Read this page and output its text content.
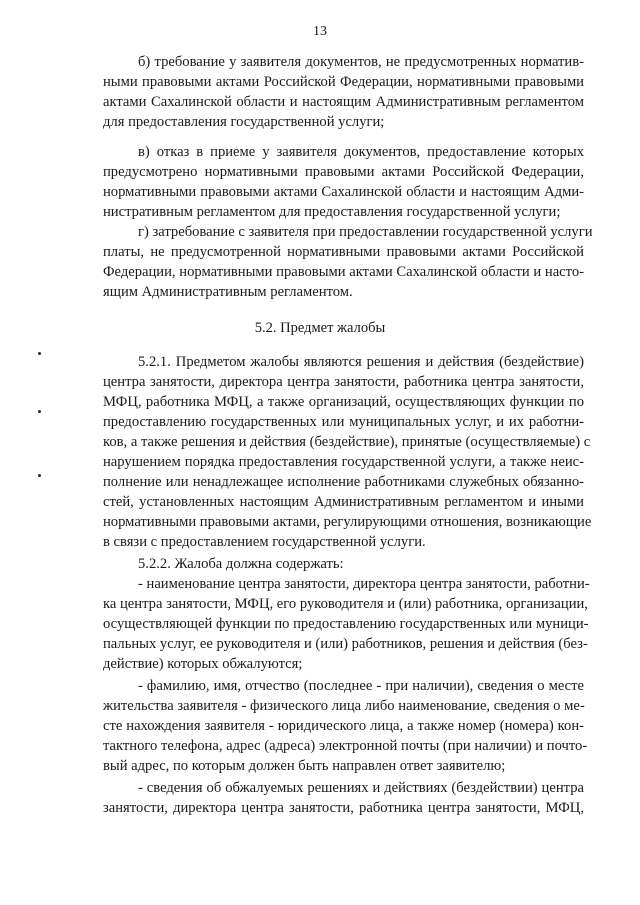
13
5.2. Предмет жалобы
б) требование у заявителя документов, не предусмотренных норматив-
ными правовыми актами Российской Федерации, нормативными правовыми
актами Сахалинской области и настоящим Административным регламентом
для предоставления государственной услуги;
в) отказ в приеме у заявителя документов, предоставление которых
предусмотрено нормативными правовыми актами Российской Федерации,
нормативными правовыми актами Сахалинской области и настоящим Адми-
нистративным регламентом для предоставления государственной услуги;
г) затребование с заявителя при предоставлении государственной услуги
платы, не предусмотренной нормативными правовыми актами Российской
Федерации, нормативными правовыми актами Сахалинской области и насто-
ящим Административным регламентом.
5.2.1. Предметом жалобы являются решения и действия (бездействие)
центра занятости, директора центра занятости, работника центра занятости,
МФЦ, работника МФЦ, а также организаций, осуществляющих функции по
предоставлению государственных или муниципальных услуг, и их работни-
ков, а также решения и действия (бездействие), принятые (осуществляемые) с
нарушением порядка предоставления государственной услуги, а также неис-
полнение или ненадлежащее исполнение работниками служебных обязанно-
стей, установленных настоящим Административным регламентом и иными
нормативными правовыми актами, регулирующими отношения, возникающие
в связи с предоставлением государственной услуги.
5.2.2. Жалоба должна содержать:
- наименование центра занятости, директора центра занятости, работни-
ка центра занятости, МФЦ, его руководителя и (или) работника, организации,
осуществляющей функции по предоставлению государственных или муници-
пальных услуг, ее руководителя и (или) работников, решения и действия (без-
действие) которых обжалуются;
- фамилию, имя, отчество (последнее - при наличии), сведения о месте
жительства заявителя - физического лица либо наименование, сведения о ме-
сте нахождения заявителя - юридического лица, а также номер (номера) кон-
тактного телефона, адрес (адреса) электронной почты (при наличии) и почто-
вый адрес, по которым должен быть направлен ответ заявителю;
- сведения об обжалуемых решениях и действиях (бездействии) центра
занятости, директора центра занятости, работника центра занятости, МФЦ,
